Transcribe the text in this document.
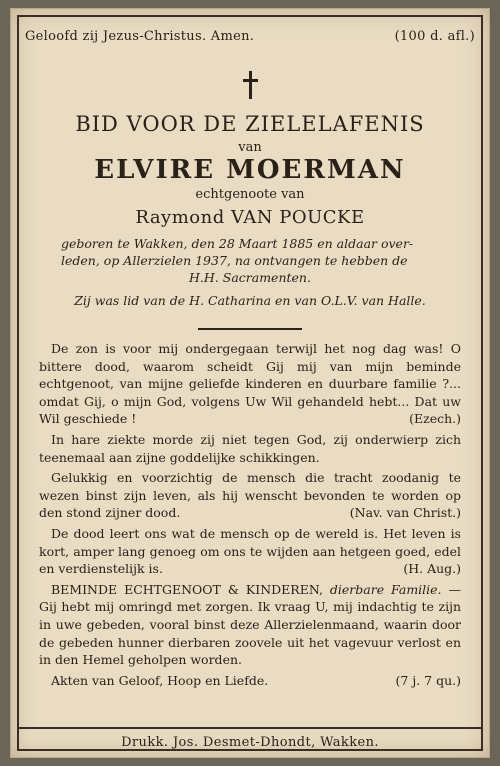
Geloofd zij Jezus-Christus. Amen.	(100 d. afl.)
BID VOOR DE ZIELELAFENIS
van
ELVIRE MOERMAN
echtgenoote van
Raymond VAN POUCKE

geboren te Wakken, den 28 Maart 1885 en aldaar over-

leden, op Allerzielen 1937, na ontvangen te hebben de

H.H. Sacramenten.

Zij was lid van de H. Catharina en van O.L.V. van Halle.

De zon is voor mij ondergegaan terwijl het nog dag was! O bittere dood, waarom scheidt Gij mij van mijn beminde echtgenoot, van mijne geliefde kinderen en duurbare familie ?... omdat Gij, o mijn God, volgens Uw Wil gehandeld hebt... Dat uw Wil geschiede !	(Ezech.)

In hare ziekte morde zij niet tegen God, zij onderwierp zich teenemaal aan zijne goddelijke schikkingen.

Gelukkig en voorzichtig de mensch die tracht zoodanig te wezen binst zijn leven, als hij wenscht bevonden te worden op den stond zijner dood.	(Nav. van Christ.)

De dood leert ons wat de mensch op de wereld is. Het leven is kort, amper lang genoeg om ons te wijden aan hetgeen goed, edel en verdienstelijk is.	(H. Aug.)

BEMINDE ECHTGENOOT & KINDEREN, dierbare Familie. — Gij hebt mij omringd met zorgen. Ik vraag U, mij indachtig te zijn in uwe gebeden, vooral binst deze Allerzielenmaand, waarin door de gebeden hunner dierbaren zoovele uit het vagevuur verlost en in den Hemel geholpen worden.

Akten van Geloof, Hoop en Liefde.	(7 j. 7 qu.)

Drukk. Jos. Desmet-Dhondt, Wakken.
